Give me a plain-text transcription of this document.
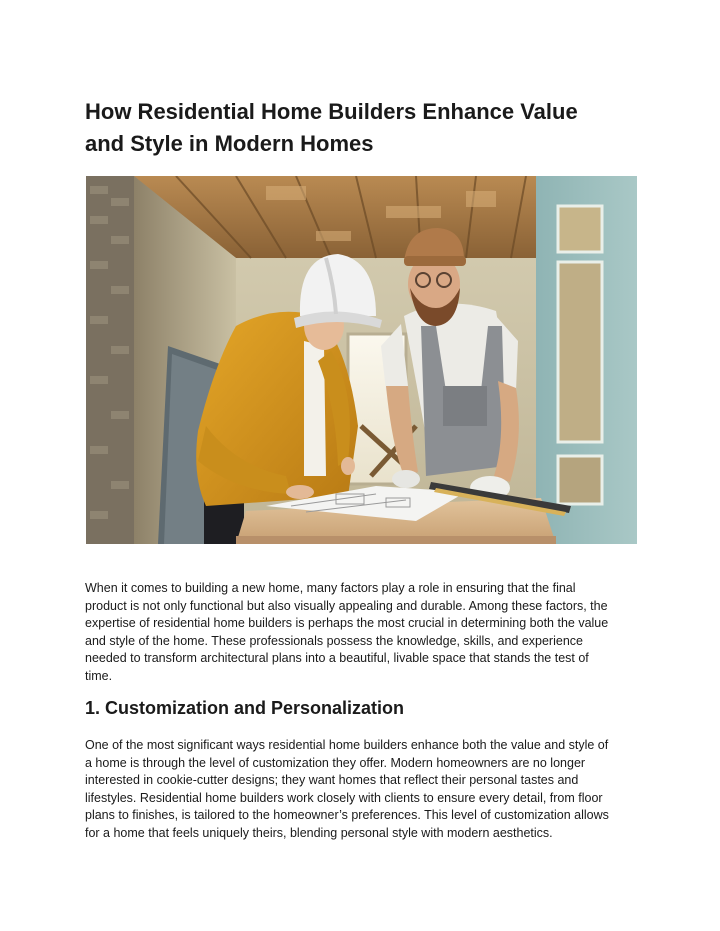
How Residential Home Builders Enhance Value
and Style in Modern Homes

When it comes to building a new home, many factors play a role in ensuring that the final
product is not only functional but also visually appealing and durable. Among these factors, the
expertise of residential home builders is perhaps the most crucial in determining both the value
and style of the home. These professionals possess the knowledge, skills, and experience
needed to transform architectural plans into a beautiful, livable space that stands the test of
time.

1. Customization and Personalization

One of the most significant ways residential home builders enhance both the value and style of
a home is through the level of customization they offer. Modern homeowners are no longer
interested in cookie-cutter designs; they want homes that reflect their personal tastes and
lifestyles. Residential home builders work closely with clients to ensure every detail, from floor
plans to finishes, is tailored to the homeowner’s preferences. This level of customization allows
for a home that feels uniquely theirs, blending personal style with modern aesthetics.
